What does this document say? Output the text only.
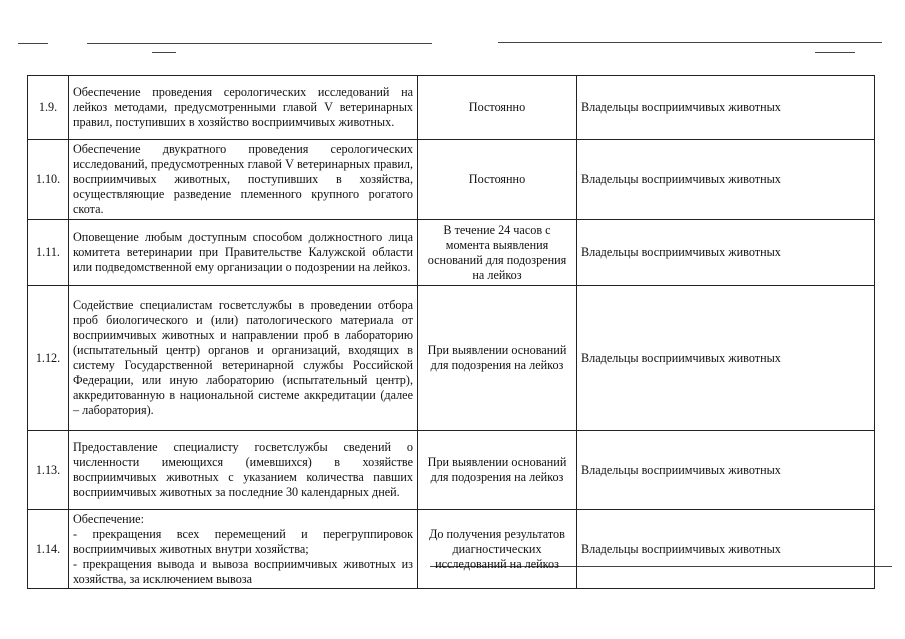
1.9.	Обеспечение проведения серологических исследований на лейкоз методами, предусмотренными главой V ветеринарных правил, поступивших в хозяйство восприимчивых животных.	Постоянно	Владельцы восприимчивых животных
1.10.	Обеспечение двукратного проведения серологических исследований, предусмотренных главой V ветеринарных правил, восприимчивых животных, поступивших в хозяйства, осуществляющие разведение племенного крупного рогатого скота.	Постоянно	Владельцы восприимчивых животных
1.11.	Оповещение любым доступным способом должностного лица комитета ветеринарии при Правительстве Калужской области или подведомственной ему организации о подозрении на лейкоз.	В течение 24 часов с момента выявления оснований для подозрения на лейкоз	Владельцы восприимчивых животных
1.12.	Содействие специалистам госветслужбы в проведении отбора проб биологического и (или) патологического материала от восприимчивых животных и направлении проб в лабораторию (испытательный центр) органов и организаций, входящих в систему Государственной ветеринарной службы Российской Федерации, или иную лабораторию (испытательный центр), аккредитованную в национальной системе аккредитации (далее – лаборатория).	При выявлении оснований для подозрения на лейкоз	Владельцы восприимчивых животных
1.13.	Предоставление специалисту госветслужбы сведений о численности имеющихся (имевшихся) в хозяйстве восприимчивых животных с указанием количества павших восприимчивых животных за последние 30 календарных дней.	При выявлении оснований для подозрения на лейкоз	Владельцы восприимчивых животных
1.14.	Обеспечение:
- прекращения всех перемещений и перегруппировок восприимчивых животных внутри хозяйства;
- прекращения вывода и вывоза восприимчивых животных из хозяйства, за исключением вывоза	До получения результатов диагностических исследований на лейкоз	Владельцы восприимчивых животных
